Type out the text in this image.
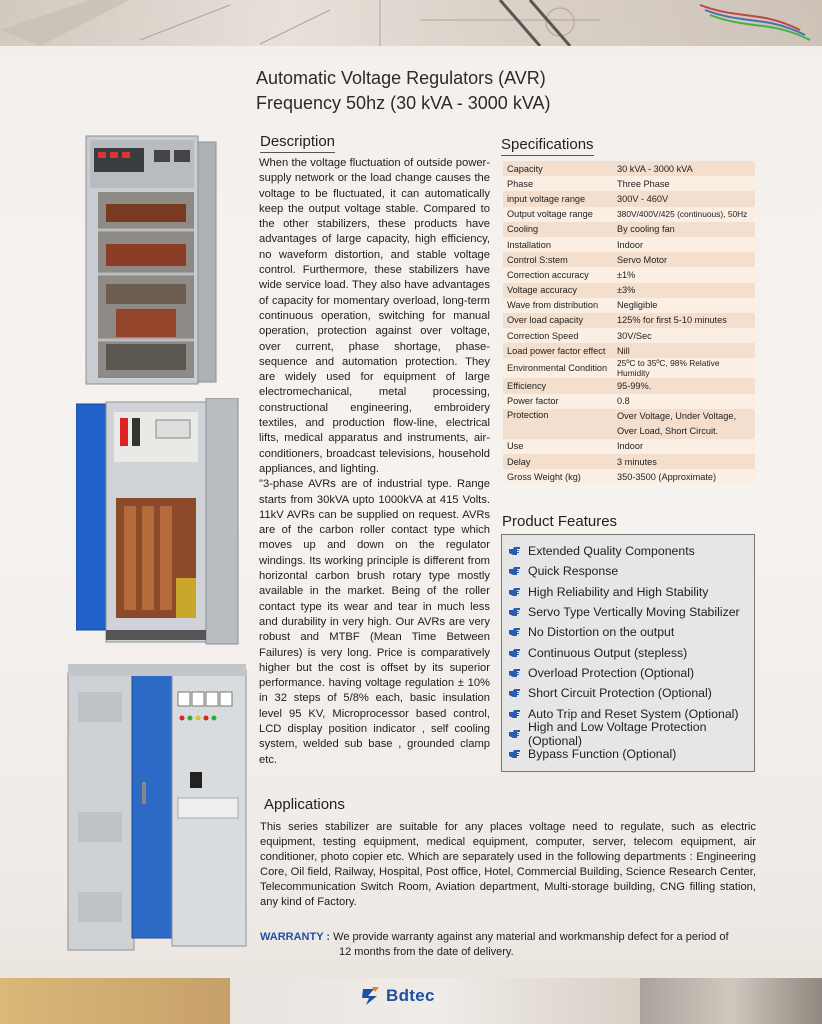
Automatic Voltage Regulators (AVR)
Frequency 50hz (30 kVA - 3000 kVA)
Description

When the voltage fluctuation of outside power-supply network or the load change causes the voltage to be fluctuated, it can automatically keep the output voltage stable. Compared to the other stabilizers, these products have advantages of large capacity, high efficiency, no waveform distortion, and stable voltage control. Furthermore, these stabilizers have wide service load. They also have advantages of capacity for momentary overload, long-term continuous operation, switching for manual operation, protection against over voltage, over current, phase shortage, phase-sequence and automation protection. They are widely used for equipment of large electromechanical, metal processing, constructional engineering, embroidery textiles, and production flow-line, electrical lifts, medical apparatus and instruments, air-conditioners, broadcast televisions, household appliances, and lighting.

"3-phase AVRs are of industrial type. Range starts from 30kVA upto 1000kVA at 415 Volts. 11kV AVRs can be supplied on request. AVRs are of the carbon roller contact type which moves up and down on the regulator windings. Its working principle is different from horizontal carbon brush rotary type mostly available in the market. Being of the roller contact type its wear and tear in much less and durability in very high. Our AVRs are very robust and MTBF (Mean Time Between Failures) is very long. Price is comparatively higher but the cost is offset by its superior performance. having voltage regulation ± 10% in 32 steps of 5/8% each, basic insulation level 95 KV, Microprocessor based control, LCD display position indicator , self cooling system, welded sub base , grounded clamp etc.

Specifications
Capacity	30 kVA - 3000 kVA
Phase	Three Phase
input voltage range	300V - 460V
Output voltage range	380V/400V/425 (continuous), 50Hz
Cooling	By cooling fan
Installation	Indoor
Control S:stem	Servo Motor
Correction accuracy	±1%
Voltage accuracy	±3%
Wave from distribution	Negligible
Over load capacity	125% for first 5-10 minutes
Correction Speed	30V/Sec
Load power factor effect	Nill
Environmental Condition	25ºC to 35ºC, 98% Relative Humidity
Efficiency	95-99%.
Power factor	0.8
Protection	Over Voltage, Under Voltage,
Over Load, Short Circuit.

Use	Indoor
Delay	3 minutes
Gross Weight (kg)	350-3500 (Approximate)
Product Features
Extended Quality Components
Quick Response
High Reliability and High Stability
Servo Type Vertically Moving Stabilizer
No Distortion on the output
Continuous Output (stepless)
Overload Protection (Optional)
Short Circuit Protection (Optional)
Auto Trip and Reset System (Optional)
High and Low Voltage Protection (Optional)
Bypass Function (Optional)
Applications
This series stabilizer are suitable for any places voltage need to regulate, such as electric equipment, testing equipment, medical equipment, computer, server, telecom equipment, air conditioner, photo copier etc. Which are separately used in the following departments : Engineering Core, Oil field, Railway, Hospital, Post office, Hotel, Commercial Building, Science Research Center, Telecommunication Switch Room, Aviation department, Multi-storage building, CNG filling station, any kind of Factory.
WARRANTY : We provide warranty against any material and workmanship defect for a period of
12 months from the date of delivery.
Bdtec
